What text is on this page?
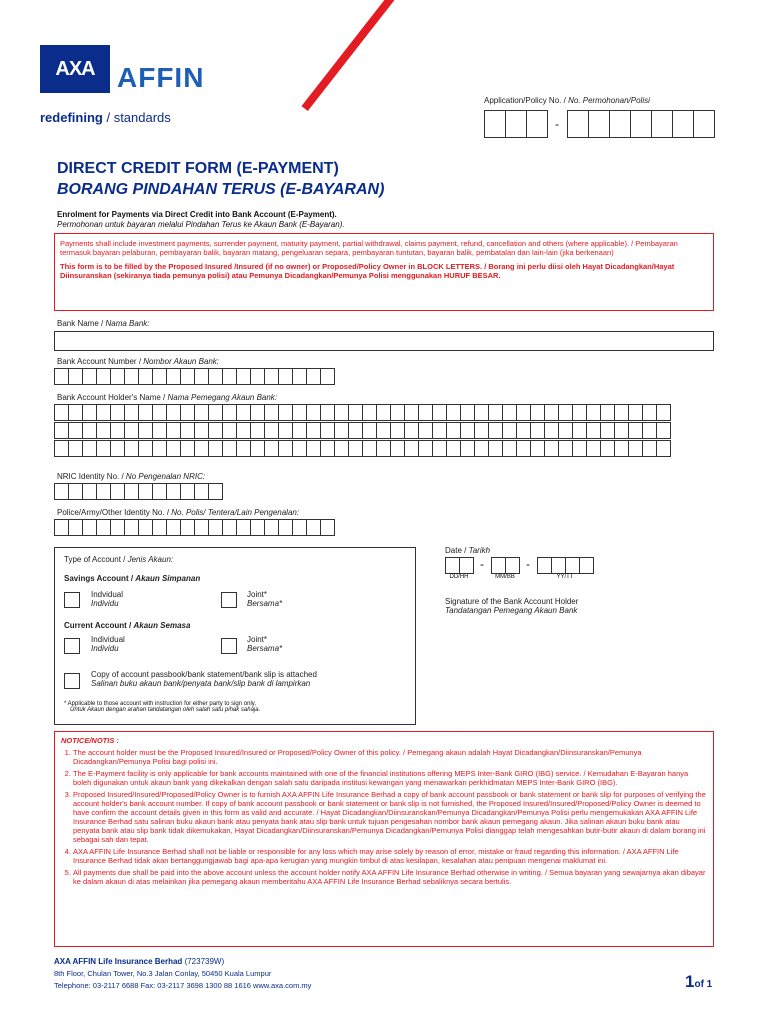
AXA AFFIN
redefining / standards
Application/Policy No. / No. Permohonan/Polisi
-
DIRECT CREDIT FORM (E-PAYMENT)
BORANG PINDAHAN TERUS (E-BAYARAN)
Enrolment for Payments via Direct Credit into Bank Account (E-Payment).
Permohonan untuk bayaran melalui Pindahan Terus ke Akaun Bank (E-Bayaran).
Payments shall include investment payments, surrender payment, maturity payment, partial withdrawal, claims payment, refund, cancellation and others (where applicable). / Pembayaran termasuk bayaran pelaburan, pembayaran balik, bayaran matang, pengeluaran separa, pembayaran tuntutan, bayaran balik, pembatalan dan lain-lain (jika berkenaan)
This form is to be filled by the Proposed Insured /Insured (if no owner) or Proposed/Policy Owner in BLOCK LETTERS. / Borang ini perlu diisi oleh Hayat Dicadangkan/Hayat Diinsuranskan (sekiranya tiada pemunya polisi) atau Pemunya Dicadangkan/Pemunya Polisi menggunakan HURUF BESAR.
Bank Name / Nama Bank:
Bank Account Number / Nombor Akaun Bank:
Bank Account Holder's Name / Nama Pemegang Akaun Bank:
NRIC Identity No. / No Pengenalan NRIC:
Police/Army/Other Identity No. / No. Polis/ Tentera/Lain Pengenalan:
Type of Account / Jenis Akaun:
Savings Account / Akaun Simpanan
Indvidual
Individu
Joint*
Bersama*
Current Account / Akaun Semasa
Individual
Individu
Joint*
Bersama*
Copy of account passbook/bank statement/bank slip is attached
Salinan buku akaun bank/penyata bank/slip bank di lampirkan
* Applicable to those account with instruction for either party to sign only.
Untuk Akaun dengan arahan tandatangan oleh salah satu pihak sahaja.
Date / Tarikh
DD/HH
-
MM/BB
-
YY/TT
Signature of the Bank Account Holder
Tandatangan Pemegang Akaun Bank
NOTICE/NOTIS :
1. The account holder must be the Proposed Insured/Insured or Proposed/Policy Owner of this policy. / Pemegang akaun adalah Hayat Dicadangkan/Diinsuranskan/Pemunya Dicadangkan/Pemunya Polisi bagi polisi ini.
2. The E-Payment facility is only applicable for bank accounts maintained with one of the financial institutions offering MEPS Inter-Bank GIRO (IBG) service. / Kemudahan E-Bayaran hanya boleh digunakan untuk akaun bank yang dikekalkan dengan salah satu daripada institusi kewangan yang menawarkan perkhidmatan MEPS Inter-Bank GIRO (IBG).
3. Proposed Insured/Insured/Proposed/Policy Owner is to furnish AXA AFFIN Life Insurance Berhad a copy of bank account passbook or bank statement or bank slip for purposes of verifying the account holder's bank account number. If copy of bank account passbook or bank statement or bank slip is not furnished, the Proposed Insured/Insured/Proposed/Policy Owner is deemed to have confirm the account details given in this form as valid and accurate. / Hayat Dicadangkan/Diinsuranskan/Pemunya Dicadangkan/Pemunya Polisi perlu mengemukakan AXA AFFIN Life Insurance Berhad satu salinan buku akaun bank atau penyata bank atau slip bank untuk tujuan pengesahan nombor bank akaun pemegang akaun. Jika salinan akaun buku bank atau penyata bank atau slip bank tidak dikemukakan, Hayat Dicadangkan/Diinsuranskan/Pemunya Dicadangkan/Pemunya Polisi dianggap telah mengesahkan butir-butir akaun di dalam borang ini sebagai sah dan tepat.
4. AXA AFFIN Life Insurance Berhad shall not be liable or responsible for any loss which may arise solely by reason of error, mistake or fraud regarding this information. / AXA AFFIN Life Insurance Berhad tidak akan bertanggungjawab bagi apa-apa kerugian yang mungkin timbul di atas kesilapan, kesalahan atau penipuan mengenai maklumat ini.
5. All payments due shall be paid into the above account unless the account holder notify AXA AFFIN Life Insurance Berhad otherwise in writing. / Semua bayaran yang sewajarnya akan dibayar ke dalam akaun di atas melainkan jika pemegang akaun memberitahu AXA AFFIN Life Insurance Berhad sebaliknya secara bertulis.
AXA AFFIN Life Insurance Berhad (723739W)
8th Floor, Chulan Tower, No.3 Jalan Conlay, 50450 Kuala Lumpur
Telephone: 03-2117 6688 Fax: 03-2117 3698 1300 88 1616 www.axa.com.my	1of 1
